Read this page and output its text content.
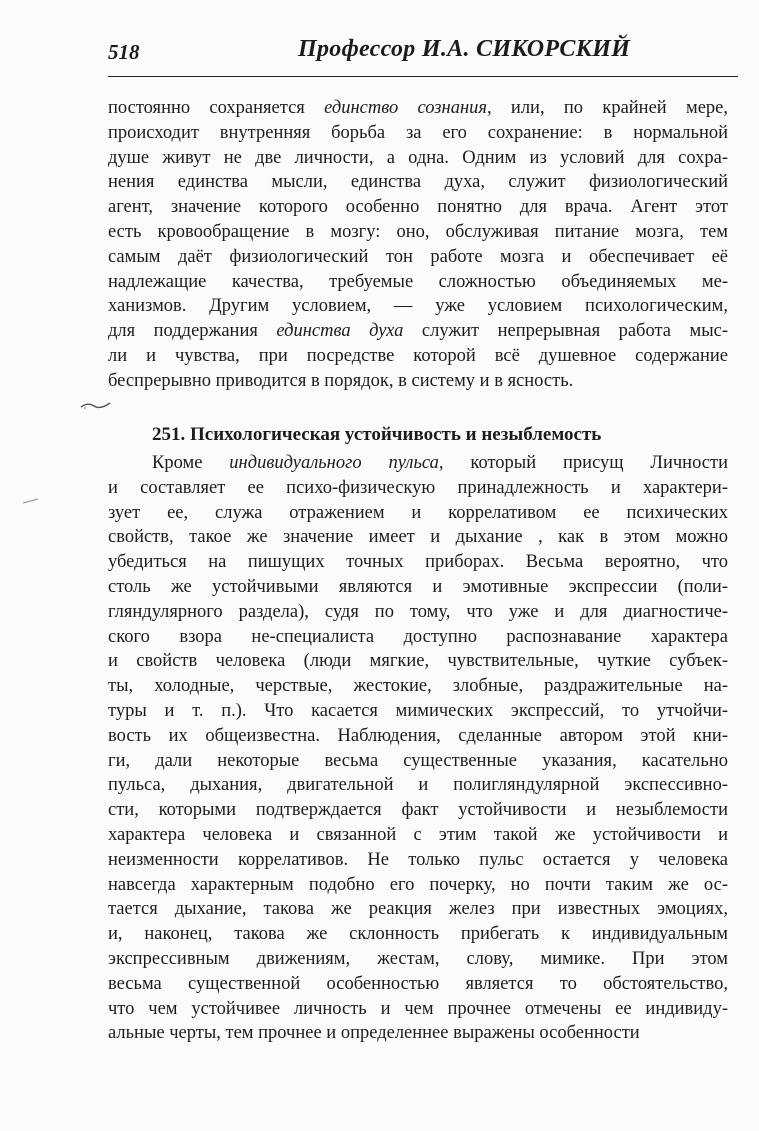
518	Профессор И.А. СИКОРСКИЙ
постоянно сохраняется единство сознания, или, по крайней мере,
происходит внутренняя борьба за его сохранение: в нормальной
душе живут не две личности, а одна. Одним из условий для сохра-
нения единства мысли, единства духа, служит физиологический
агент, значение которого особенно понятно для врача. Агент этот
есть кровообращение в мозгу: оно, обслуживая питание мозга, тем
самым даёт физиологический тон работе мозга и обеспечивает её
надлежащие качества, требуемые сложностью объединяемых ме-
ханизмов. Другим условием, — уже условием психологическим,
для поддержания единства духа служит непрерывная работа мыс-
ли и чувства, при посредстве которой всё душевное содержание
беспрерывно приводится в порядок, в систему и в ясность.
251. Психологическая устойчивость и незыблемость
Кроме индивидуального пульса, который присущ Личности
и составляет ее психо-физическую принадлежность и характери-
зует ее, служа отражением и коррелативом ее психических
свойств, такое же значение имеет и дыхание , как в этом можно
убедиться на пишущих точных приборах. Весьма вероятно, что
столь же устойчивыми являются и эмотивные экспрессии (поли-
гляндулярного раздела), судя по тому, что уже и для диагностиче-
ского взора не-специалиста доступно распознавание характера
и свойств человека (люди мягкие, чувствительные, чуткие субъек-
ты, холодные, черствые, жестокие, злобные, раздражительные на-
туры и т. п.). Что касается мимических экспрессий, то утчойчи-
вость их общеизвестна. Наблюдения, сделанные автором этой кни-
ги, дали некоторые весьма существенные указания, касательно
пульса, дыхания, двигательной и полигляндулярной экспессивно-
сти, которыми подтверждается факт устойчивости и незыблемости
характера человека и связанной с этим такой же устойчивости и
неизменности коррелативов. Не только пульс остается у человека
навсегда характерным подобно его почерку, но почти таким же ос-
тается дыхание, такова же реакция желез при известных эмоциях,
и, наконец, такова же склонность прибегать к индивидуальным
экспрессивным движениям, жестам, слову, мимике. При этом
весьма существенной особенностью является то обстоятельство,
что чем устойчивее личность и чем прочнее отмечены ее индивиду-
альные черты, тем прочнее и определеннее выражены особенности
